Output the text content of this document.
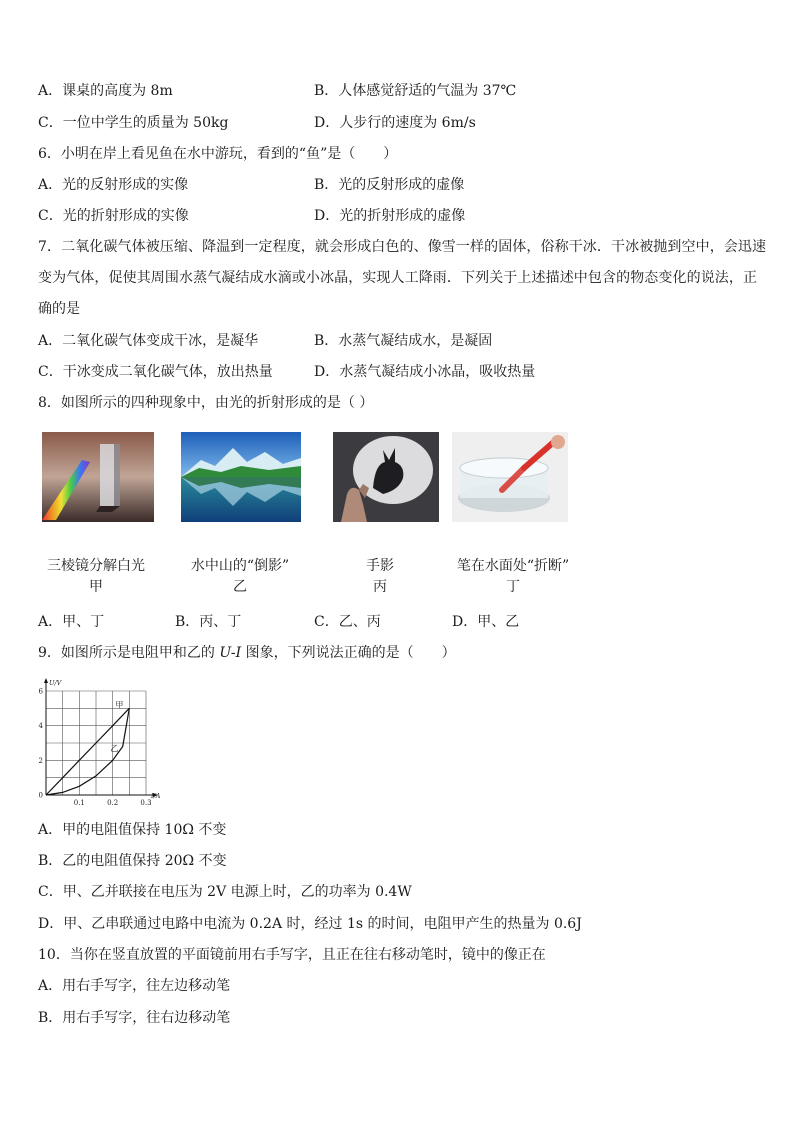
A．课桌的高度为 8m	B．人体感觉舒适的气温为 37℃
C．一位中学生的质量为 50kg	D．人步行的速度为 6m/s
6．小明在岸上看见鱼在水中游玩，看到的“鱼”是（　　）
A．光的反射形成的实像	B．光的反射形成的虚像
C．光的折射形成的实像	D．光的折射形成的虚像
7．二氧化碳气体被压缩、降温到一定程度，就会形成白色的、像雪一样的固体，俗称干冰．干冰被抛到空中，会迅速
变为气体，促使其周围水蒸气凝结成水滴或小冰晶，实现人工降雨．下列关于上述描述中包含的物态变化的说法，正
确的是
A．二氧化碳气体变成干冰，是凝华	B．水蒸气凝结成水，是凝固
C．干冰变成二氧化碳气体，放出热量	D．水蒸气凝结成小冰晶，吸收热量
8．如图所示的四种现象中，由光的折射形成的是（ ）
三棱镜分解白光
甲
水中山的“倒影”
乙
手影
丙
笔在水面处“折断”
丁
A．甲、丁	B．丙、丁	C．乙、丙	D．甲、乙
9．如图所示是电阻甲和乙的 U-I 图象，下列说法正确的是（　　）
0.1	0.2	0.3
0
2
4
6
U/V
I/A
甲
乙
A．甲的电阻值保持 10Ω 不变
B．乙的电阻值保持 20Ω 不变
C．甲、乙并联接在电压为 2V 电源上时，乙的功率为 0.4W
D．甲、乙串联通过电路中电流为 0.2A 时，经过 1s 的时间，电阻甲产生的热量为 0.6J
10．当你在竖直放置的平面镜前用右手写字，且正在往右移动笔时，镜中的像正在
A．用右手写字，往左边移动笔
B．用右手写字，往右边移动笔
